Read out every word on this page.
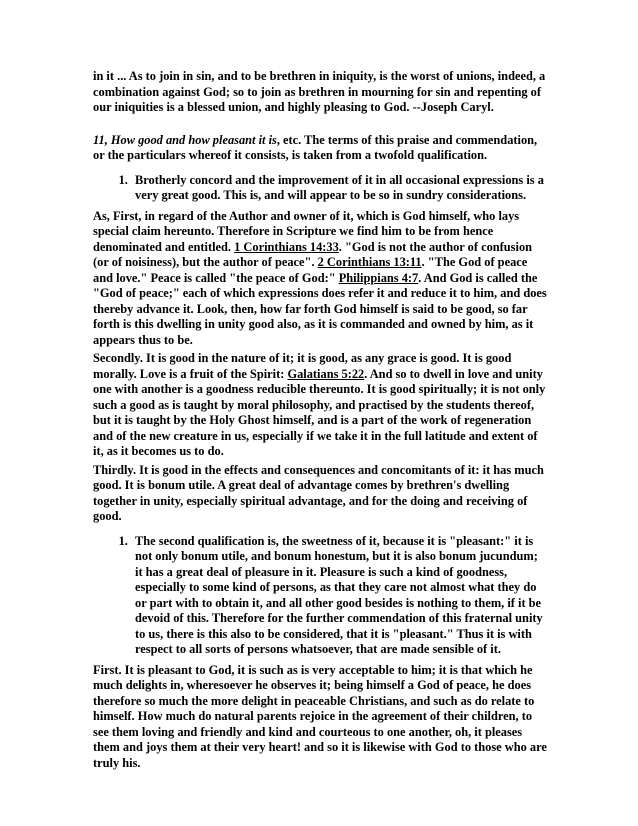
in it ... As to join in sin, and to be brethren in iniquity, is the worst of unions, indeed, a combination against God; so to join as brethren in mourning for sin and repenting of our iniquities is a blessed union, and highly pleasing to God. --Joseph Caryl.

11, How good and how pleasant it is, etc. The terms of this praise and commendation, or the particulars whereof it consists, is taken from a twofold qualification.

1. Brotherly concord and the improvement of it in all occasional expressions is a very great good. This is, and will appear to be so in sundry considerations.

As, First, in regard of the Author and owner of it, which is God himself, who lays special claim hereunto. Therefore in Scripture we find him to be from hence denominated and entitled. 1 Corinthians 14:33. "God is not the author of confusion (or of noisiness), but the author of peace". 2 Corinthians 13:11. "The God of peace and love." Peace is called "the peace of God:" Philippians 4:7. And God is called the "God of peace;" each of which expressions does refer it and reduce it to him, and does thereby advance it. Look, then, how far forth God himself is said to be good, so far forth is this dwelling in unity good also, as it is commanded and owned by him, as it appears thus to be.

Secondly. It is good in the nature of it; it is good, as any grace is good. It is good morally. Love is a fruit of the Spirit: Galatians 5:22. And so to dwell in love and unity one with another is a goodness reducible thereunto. It is good spiritually; it is not only such a good as is taught by moral philosophy, and practised by the students thereof, but it is taught by the Holy Ghost himself, and is a part of the work of regeneration and of the new creature in us, especially if we take it in the full latitude and extent of it, as it becomes us to do.

Thirdly. It is good in the effects and consequences and concomitants of it: it has much good. It is bonum utile. A great deal of advantage comes by brethren's dwelling together in unity, especially spiritual advantage, and for the doing and receiving of good.

1. The second qualification is, the sweetness of it, because it is "pleasant:" it is not only bonum utile, and bonum honestum, but it is also bonum jucundum; it has a great deal of pleasure in it. Pleasure is such a kind of goodness, especially to some kind of persons, as that they care not almost what they do or part with to obtain it, and all other good besides is nothing to them, if it be devoid of this. Therefore for the further commendation of this fraternal unity to us, there is this also to be considered, that it is "pleasant." Thus it is with respect to all sorts of persons whatsoever, that are made sensible of it.

First. It is pleasant to God, it is such as is very acceptable to him; it is that which he much delights in, wheresoever he observes it; being himself a God of peace, he does therefore so much the more delight in peaceable Christians, and such as do relate to himself. How much do natural parents rejoice in the agreement of their children, to see them loving and friendly and kind and courteous to one another, oh, it pleases them and joys them at their very heart! and so it is likewise with God to those who are truly his.
